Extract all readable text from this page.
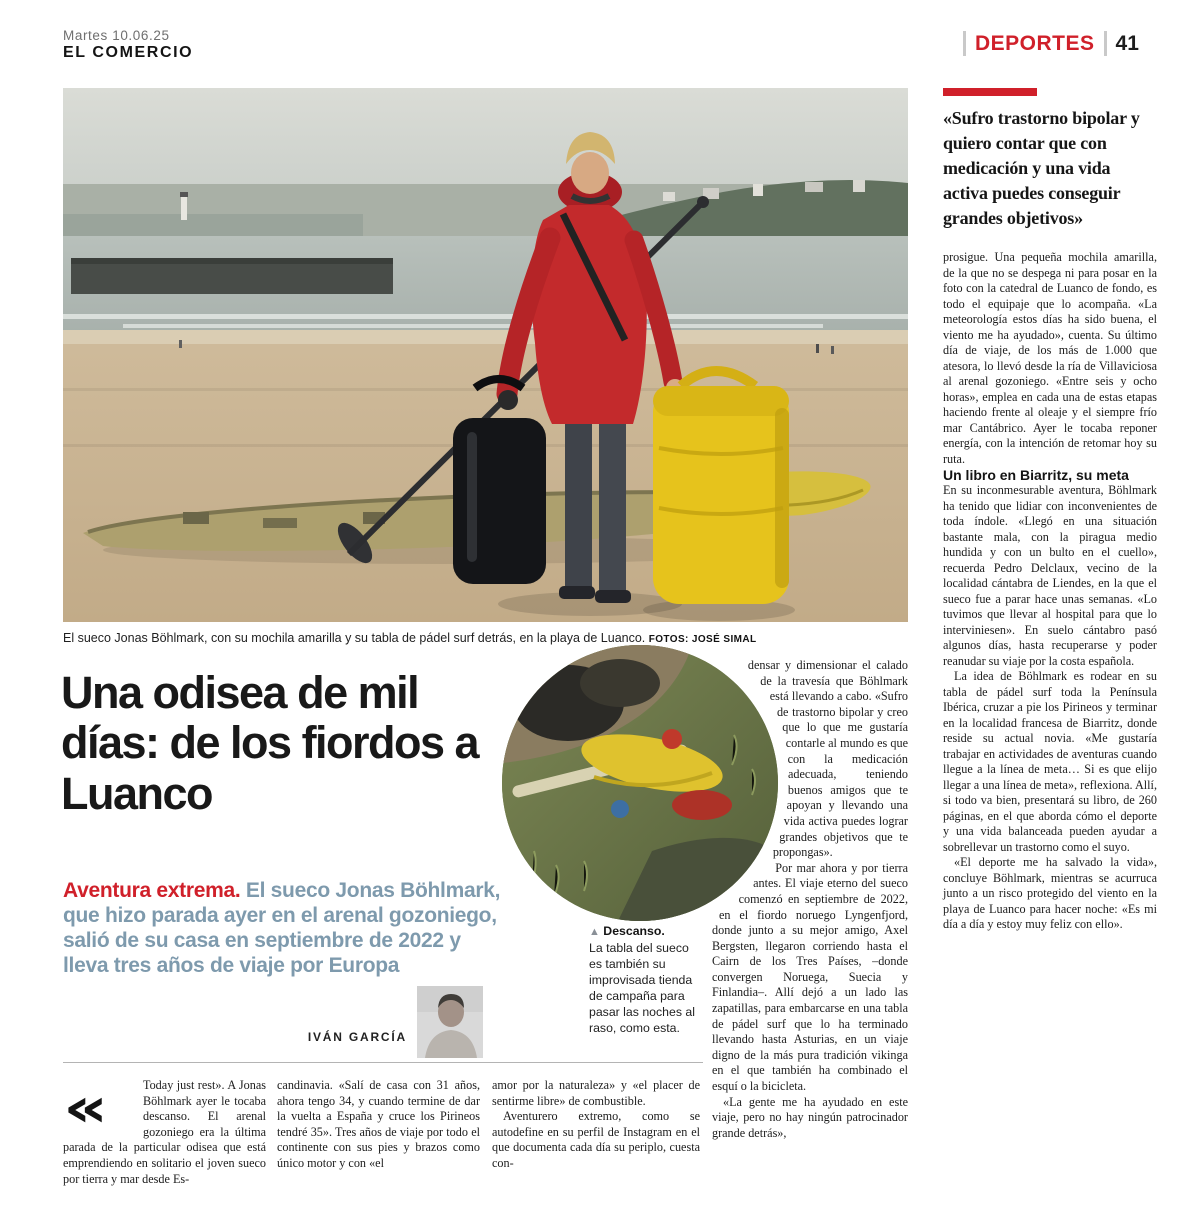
Martes 10.06.25
EL COMERCIO	DEPORTES 41
El sueco Jonas Böhlmark, con su mochila amarilla y su tabla de pádel surf detrás, en la playa de Luanco. FOTOS: JOSÉ SIMAL
«Sufro trastorno bipolar y quiero contar que con medicación y una vida activa puedes conseguir grandes objetivos»

prosigue. Una pequeña mochila amarilla, de la que no se despega ni para posar en la foto con la catedral de Luanco de fondo, es todo el equipaje que lo acompaña. «La meteorología estos días ha sido buena, el viento me ha ayudado», cuenta. Su último día de viaje, de los más de 1.000 que atesora, lo llevó desde la ría de Villaviciosa al arenal gozoniego. «Entre seis y ocho horas», emplea en cada una de estas etapas haciendo frente al oleaje y el siempre frío mar Cantábrico. Ayer le tocaba reponer energía, con la intención de retomar hoy su ruta.

Un libro en Biarritz, su meta

En su inconmesurable aventura, Böhlmark ha tenido que lidiar con inconvenientes de toda índole. «Llegó en una situación bastante mala, con la piragua medio hundida y con un bulto en el cuello», recuerda Pedro Delclaux, vecino de la localidad cántabra de Liendes, en la que el sueco fue a parar hace unas semanas. «Lo tuvimos que llevar al hospital para que lo interviniesen». En suelo cántabro pasó algunos días, hasta recuperarse y poder reanudar su viaje por la costa española.

La idea de Böhlmark es rodear en su tabla de pádel surf toda la Península Ibérica, cruzar a pie los Pirineos y terminar en la localidad francesa de Biarritz, donde reside su actual novia. «Me gustaría trabajar en actividades de aventuras cuando llegue a la línea de meta… Si es que elijo llegar a una línea de meta», reflexiona. Allí, si todo va bien, presentará su libro, de 260 páginas, en el que aborda cómo el deporte y una vida balanceada pueden ayudar a sobrellevar un trastorno como el suyo.

«El deporte me ha salvado la vida», concluye Böhlmark, mientras se acurruca junto a un risco protegido del viento en la playa de Luanco para hacer noche: «Es mi día a día y estoy muy feliz con ello».

Una odisea de mil días: de los fiordos a Luanco
Aventura extrema. El sueco Jonas Böhlmark, que hizo parada ayer en el arenal gozoniego, salió de su casa en septiembre de 2022 y lleva tres años de viaje por Europa
IVÁN GARCÍA
▲ Descanso.
La tabla del sueco es también su improvisada tienda de campaña para pasar las noches al raso, como esta.
«	Today just rest». A Jonas Böhlmark ayer le tocaba descanso. El arenal gozoniego era la última parada de la particular odisea que está emprendiendo en solitario el joven sueco por tierra y mar desde Es-

candinavia. «Salí de casa con 31 años, ahora tengo 34, y cuando termine de dar la vuelta a España y cruce los Pirineos tendré 35». Tres años de viaje por todo el continente con sus pies y brazos como único motor y con «el

amor por la naturaleza» y «el placer de sentirme libre» de combustible.

Aventurero extremo, como se autodefine en su perfil de Instagram en el que documenta cada día su periplo, cuesta con-

densar y dimensionar el calado de la travesía que Böhlmark está llevando a cabo. «Sufro de trastorno bipolar y creo que lo que me gustaría contarle al mundo es que con la medicación adecuada, teniendo buenos amigos que te apoyan y llevando una vida activa puedes lograr grandes objetivos que te propongas».

Por mar ahora y por tierra antes. El viaje eterno del sueco comenzó en septiembre de 2022, en el fiordo noruego Lyngenfjord, donde junto a su mejor amigo, Axel Bergsten, llegaron corriendo hasta el Cairn de los Tres Países, –donde convergen Noruega, Suecia y Finlandia–. Allí dejó a un lado las zapatillas, para embarcarse en una tabla de pádel surf que lo ha terminado llevando hasta Asturias, en un viaje digno de la más pura tradición vikinga en el que también ha combinado el esquí o la bicicleta.

«La gente me ha ayudado en este viaje, pero no hay ningún patrocinador grande detrás»,
